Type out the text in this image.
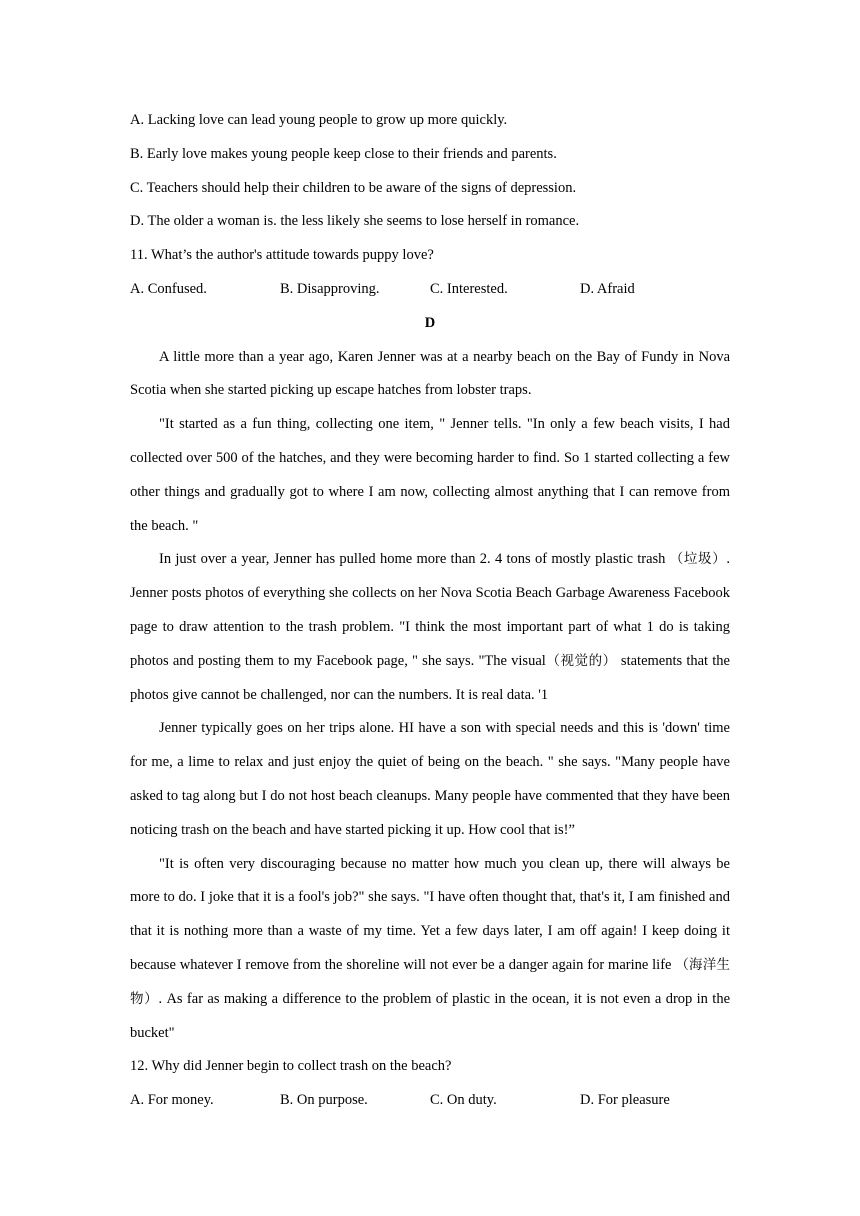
A. Lacking love can lead young people to grow up more quickly.
B. Early love makes young people keep close to their friends and parents.
C. Teachers should help their children to be aware of the signs of depression.
D. The older a woman is. the less likely she seems to lose herself in romance.
11. What’s the author's attitude towards puppy love?
A. Confused.	B. Disapproving.	C. Interested.	D. Afraid
D

A little more than a year ago, Karen Jenner was at a nearby beach on the Bay of Fundy in Nova Scotia when she started picking up escape hatches from lobster traps.

"It started as a fun thing, collecting one item, " Jenner tells. "In only a few beach visits, I had collected over 500 of the hatches, and they were becoming harder to find. So 1 started collecting a few other things and gradually got to where I am now, collecting almost anything that I can remove from the beach. "

In just over a year, Jenner has pulled home more than 2. 4 tons of mostly plastic trash （垃圾）. Jenner posts photos of everything she collects on her Nova Scotia Beach Garbage Awareness Facebook page to draw attention to the trash problem. "I think the most important part of what 1 do is taking photos and posting them to my Facebook page, " she says. "The visual（视觉的） statements that the photos give cannot be challenged, nor can the numbers. It is real data. '1

Jenner typically goes on her trips alone. HI have a son with special needs and this is 'down' time for me, a lime to relax and just enjoy the quiet of being on the beach. " she says. "Many people have asked to tag along but I do not host beach cleanups. Many people have commented that they have been noticing trash on the beach and have started picking it up. How cool that is!”

"It is often very discouraging because no matter how much you clean up, there will always be more to do. I joke that it is a fool's job?" she says. "I have often thought that, that's it, I am finished and that it is nothing more than a waste of my time. Yet a few days later, I am off again! I keep doing it because whatever I remove from the shoreline will not ever be a danger again for marine life （海洋生 物）. As far as making a difference to the problem of plastic in the ocean, it is not even a drop in the bucket"

12. Why did Jenner begin to collect trash on the beach?
A. For money.	B. On purpose.	C. On duty.	D. For pleasure
